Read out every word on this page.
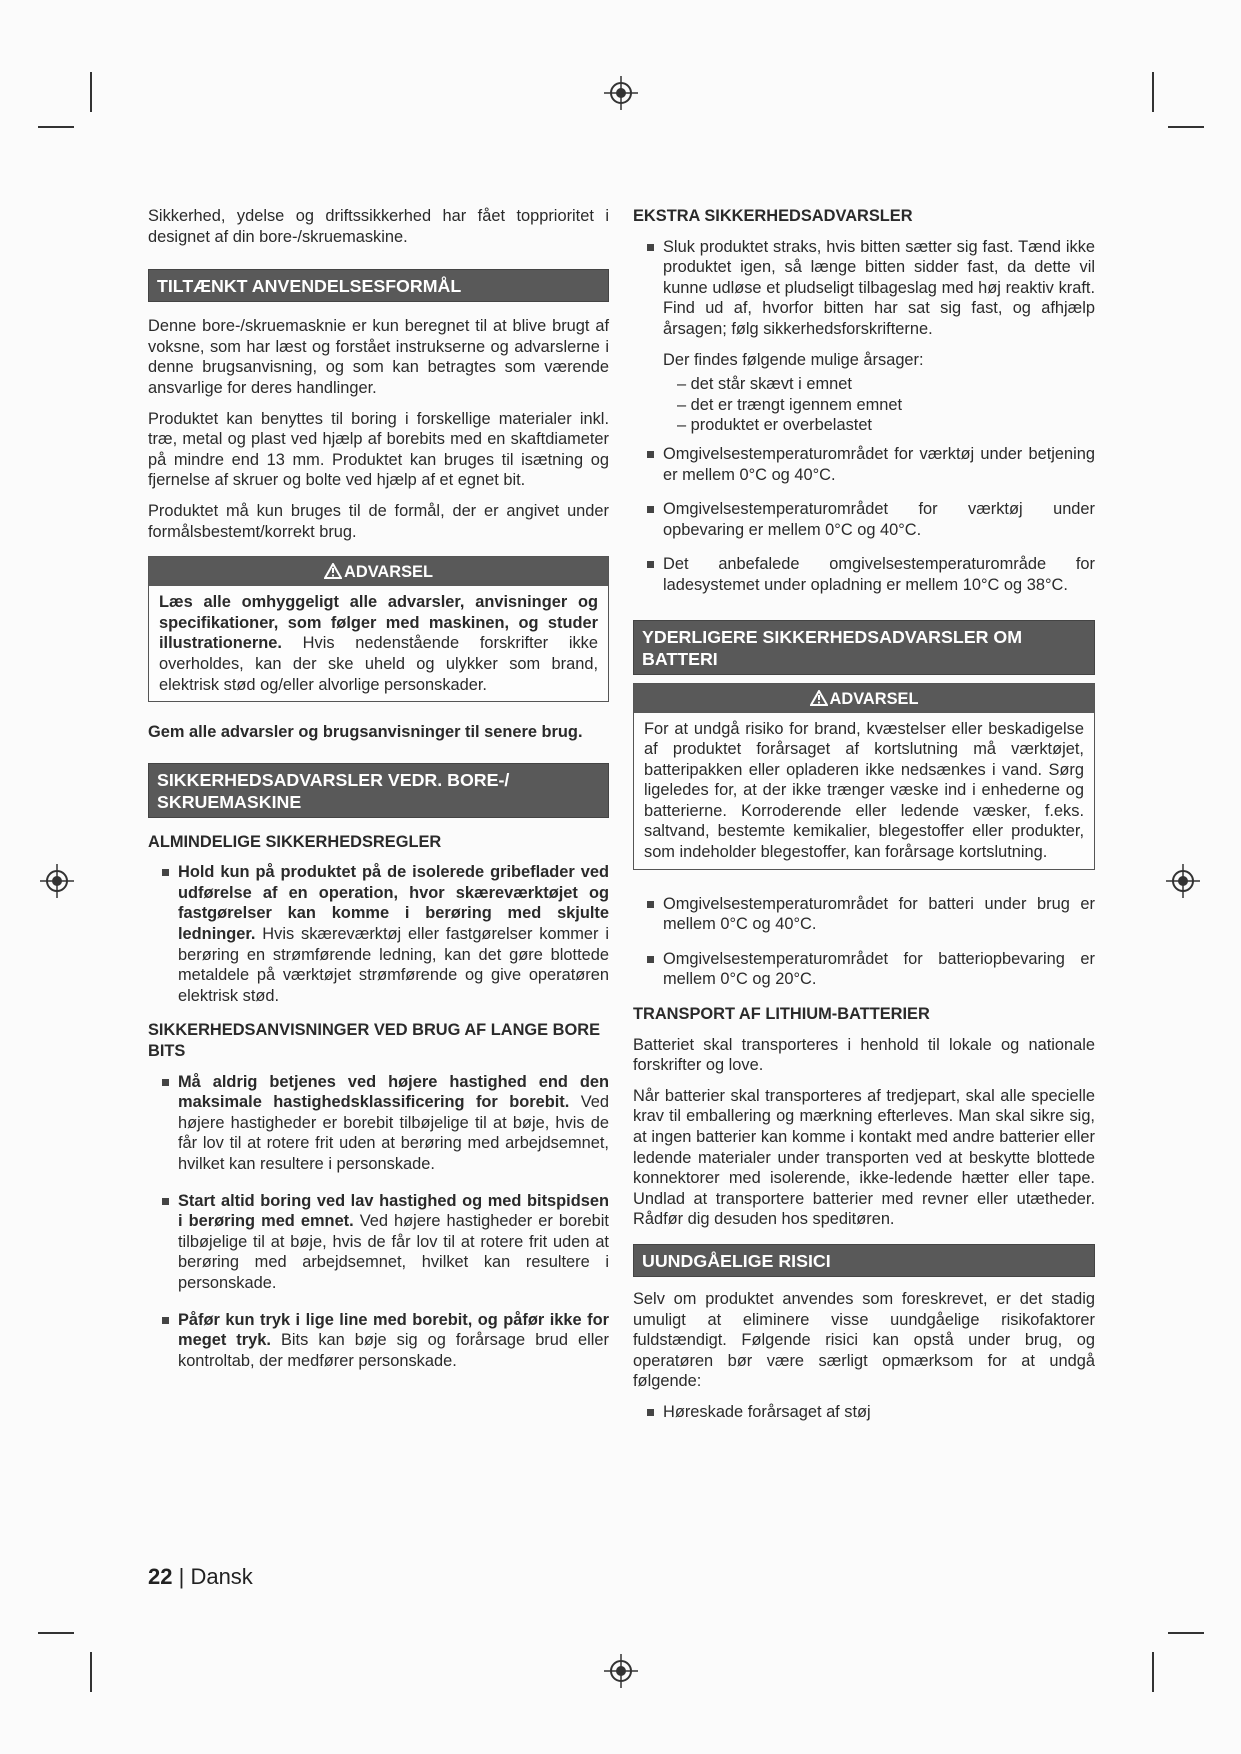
Sikkerhed, ydelse og driftssikkerhed har fået topprioritet i designet af din bore-/skruemaskine.

TILTÆNKT ANVENDELSESFORMÅL

Denne bore-/skruemasknie er kun beregnet til at blive brugt af voksne, som har læst og forstået instrukserne og advarslerne i denne brugsanvisning, og som kan betragtes som værende ansvarlige for deres handlinger.

Produktet kan benyttes til boring i forskellige materialer inkl. træ, metal og plast ved hjælp af borebits med en skaftdiameter på mindre end 13 mm. Produktet kan bruges til isætning og fjernelse af skruer og bolte ved hjælp af et egnet bit.

Produktet må kun bruges til de formål, der er angivet under formålsbestemt/korrekt brug.

ADVARSEL
Læs alle omhyggeligt alle advarsler, anvisninger og specifikationer, som følger med maskinen, og studer illustrationerne. Hvis nedenstående forskrifter ikke overholdes, kan der ske uheld og ulykker som brand, elektrisk stød og/eller alvorlige personskader.

Gem alle advarsler og brugsanvisninger til senere brug.

SIKKERHEDSADVARSLER VEDR. BORE-/ SKRUEMASKINE
ALMINDELIGE SIKKERHEDSREGLER
Hold kun på produktet på de isolerede gribeflader ved udførelse af en operation, hvor skæreværktøjet og fastgørelser kan komme i berøring med skjulte ledninger. Hvis skæreværktøj eller fastgørelser kommer i berøring en strømførende ledning, kan det gøre blottede metaldele på værktøjet strømførende og give operatøren elektrisk stød.
SIKKERHEDSANVISNINGER VED BRUG AF LANGE BORE BITS
Må aldrig betjenes ved højere hastighed end den maksimale hastighedsklassificering for borebit. Ved højere hastigheder er borebit tilbøjelige til at bøje, hvis de får lov til at rotere frit uden at berøring med arbejdsemnet, hvilket kan resultere i personskade.
Start altid boring ved lav hastighed og med bitspidsen i berøring med emnet. Ved højere hastigheder er borebit tilbøjelige til at bøje, hvis de får lov til at rotere frit uden at berøring med arbejdsemnet, hvilket kan resultere i personskade.
Påfør kun tryk i lige line med borebit, og påfør ikke for meget tryk. Bits kan bøje sig og forårsage brud eller kontroltab, der medfører personskade.
EKSTRA SIKKERHEDSADVARSLER
Sluk produktet straks, hvis bitten sætter sig fast. Tænd ikke produktet igen, så længe bitten sidder fast, da dette vil kunne udløse et pludseligt tilbageslag med høj reaktiv kraft. Find ud af, hvorfor bitten har sat sig fast, og afhjælp årsagen; følg sikkerhedsforskrifterne.

Der findes følgende mulige årsager:

– det står skævt i emnet

– det er trængt igennem emnet

– produktet er overbelastet

Omgivelsestemperaturområdet for værktøj under betjening er mellem 0°C og 40°C.
Omgivelsestemperaturområdet for værktøj under opbevaring er mellem 0°C og 40°C.
Det anbefalede omgivelsestemperaturområde for ladesystemet under opladning er mellem 10°C og 38°C.
YDERLIGERE SIKKERHEDSADVARSLER OM BATTERI
ADVARSEL
For at undgå risiko for brand, kvæstelser eller beskadigelse af produktet forårsaget af kortslutning må værktøjet, batteripakken eller opladeren ikke nedsænkes i vand. Sørg ligeledes for, at der ikke trænger væske ind i enhederne og batterierne. Korroderende eller ledende væsker, f.eks. saltvand, bestemte kemikalier, blegestoffer eller produkter, som indeholder blegestoffer, kan forårsage kortslutning.
Omgivelsestemperaturområdet for batteri under brug er mellem 0°C og 40°C.
Omgivelsestemperaturområdet for batteriopbevaring er mellem 0°C og 20°C.
TRANSPORT AF LITHIUM-BATTERIER

Batteriet skal transporteres i henhold til lokale og nationale forskrifter og love.

Når batterier skal transporteres af tredjepart, skal alle specielle krav til emballering og mærkning efterleves. Man skal sikre sig, at ingen batterier kan komme i kontakt med andre batterier eller ledende materialer under transporten ved at beskytte blottede konnektorer med isolerende, ikke-ledende hætter eller tape. Undlad at transportere batterier med revner eller utætheder. Rådfør dig desuden hos speditøren.

UUNDGÅELIGE RISICI

Selv om produktet anvendes som foreskrevet, er det stadig umuligt at eliminere visse uundgåelige risikofaktorer fuldstændigt. Følgende risici kan opstå under brug, og operatøren bør være særligt opmærksom for at undgå følgende:

Høreskade forårsaget af støj
22 | Dansk
